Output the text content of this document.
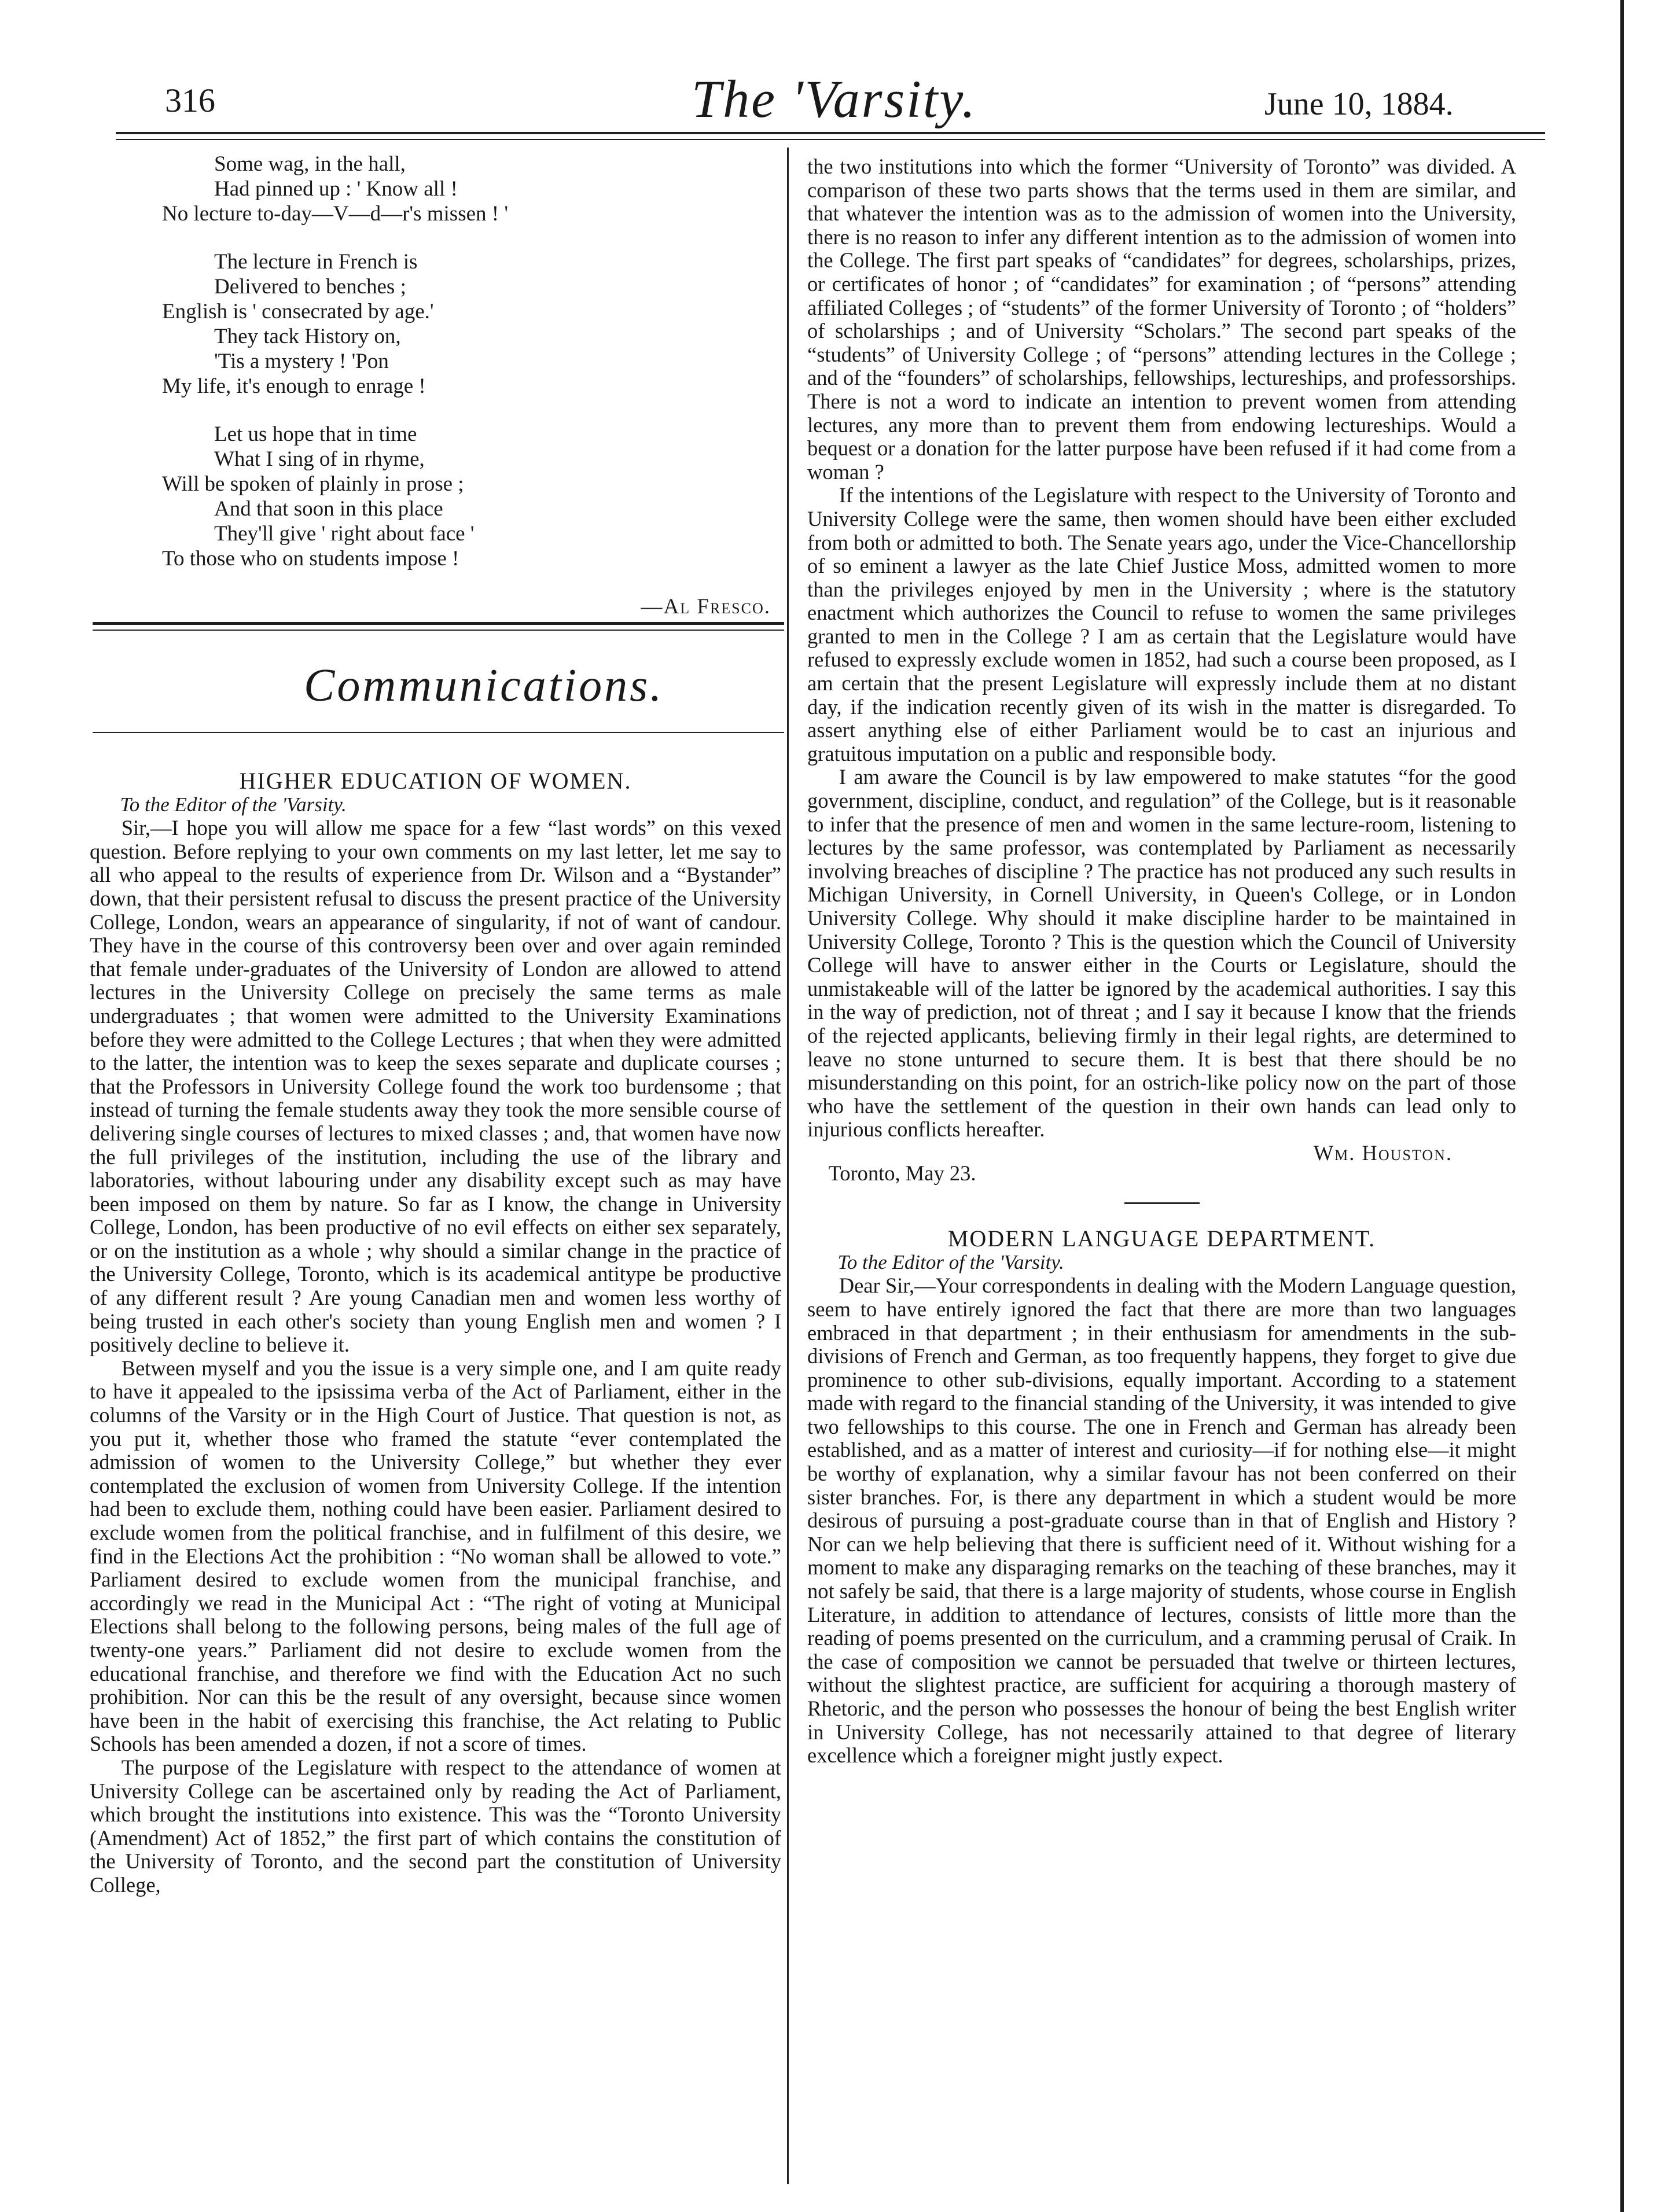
316	The 'Varsity.	June 10, 1884.
Some wag, in the hall,
Had pinned up : ' Know all !
No lecture to-day—V—d—r's missen ! '
The lecture in French is
Delivered to benches ;
English is ' consecrated by age.'
They tack History on,
'Tis a mystery ! 'Pon
My life, it's enough to enrage !
Let us hope that in time
What I sing of in rhyme,
Will be spoken of plainly in prose ;
And that soon in this place
They'll give ' right about face '
To those who on students impose !
—Al Fresco.
Communications.

HIGHER EDUCATION OF WOMEN.

To the Editor of the 'Varsity.

Sir,—I hope you will allow me space for a few “last words” on this vexed question. Before replying to your own comments on my last letter, let me say to all who appeal to the results of experience from Dr. Wilson and a “Bystander” down, that their persistent refusal to discuss the present practice of the University College, London, wears an appearance of singularity, if not of want of candour. They have in the course of this controversy been over and over again reminded that female under-graduates of the University of London are allowed to attend lectures in the University College on precisely the same terms as male undergraduates ; that women were admitted to the University Examinations before they were admitted to the College Lectures ; that when they were admitted to the latter, the intention was to keep the sexes separate and duplicate courses ; that the Professors in University College found the work too burdensome ; that instead of turning the female students away they took the more sensible course of delivering single courses of lectures to mixed classes ; and, that women have now the full privileges of the institution, including the use of the library and laboratories, without labouring under any disability except such as may have been imposed on them by nature. So far as I know, the change in University College, London, has been productive of no evil effects on either sex separately, or on the institution as a whole ; why should a similar change in the practice of the University College, Toronto, which is its academical antitype be productive of any different result ? Are young Canadian men and women less worthy of being trusted in each other's society than young English men and women ? I positively decline to believe it.

Between myself and you the issue is a very simple one, and I am quite ready to have it appealed to the ipsissima verba of the Act of Parliament, either in the columns of the Varsity or in the High Court of Justice. That question is not, as you put it, whether those who framed the statute “ever contemplated the admission of women to the University College,” but whether they ever contemplated the exclusion of women from University College. If the intention had been to exclude them, nothing could have been easier. Parliament desired to exclude women from the political franchise, and in fulfilment of this desire, we find in the Elections Act the prohibition : “No woman shall be allowed to vote.” Parliament desired to exclude women from the municipal franchise, and accordingly we read in the Municipal Act : “The right of voting at Municipal Elections shall belong to the following persons, being males of the full age of twenty-one years.” Parliament did not desire to exclude women from the educational franchise, and therefore we find with the Education Act no such prohibition. Nor can this be the result of any oversight, because since women have been in the habit of exercising this franchise, the Act relating to Public Schools has been amended a dozen, if not a score of times.

The purpose of the Legislature with respect to the attendance of women at University College can be ascertained only by reading the Act of Parliament, which brought the institutions into existence. This was the “Toronto University (Amendment) Act of 1852,” the first part of which contains the constitution of the University of Toronto, and the second part the constitution of University College,

the two institutions into which the former “University of Toronto” was divided. A comparison of these two parts shows that the terms used in them are similar, and that whatever the intention was as to the admission of women into the University, there is no reason to infer any different intention as to the admission of women into the College. The first part speaks of “candidates” for degrees, scholarships, prizes, or certificates of honor ; of “candidates” for examination ; of “persons” attending affiliated Colleges ; of “students” of the former University of Toronto ; of “holders” of scholarships ; and of University “Scholars.” The second part speaks of the “students” of University College ; of “persons” attending lectures in the College ; and of the “founders” of scholarships, fellowships, lectureships, and professorships. There is not a word to indicate an intention to prevent women from attending lectures, any more than to prevent them from endowing lectureships. Would a bequest or a donation for the latter purpose have been refused if it had come from a woman ?

If the intentions of the Legislature with respect to the University of Toronto and University College were the same, then women should have been either excluded from both or admitted to both. The Senate years ago, under the Vice-Chancellorship of so eminent a lawyer as the late Chief Justice Moss, admitted women to more than the privileges enjoyed by men in the University ; where is the statutory enactment which authorizes the Council to refuse to women the same privileges granted to men in the College ? I am as certain that the Legislature would have refused to expressly exclude women in 1852, had such a course been proposed, as I am certain that the present Legislature will expressly include them at no distant day, if the indication recently given of its wish in the matter is disregarded. To assert anything else of either Parliament would be to cast an injurious and gratuitous imputation on a public and responsible body.

I am aware the Council is by law empowered to make statutes “for the good government, discipline, conduct, and regulation” of the College, but is it reasonable to infer that the presence of men and women in the same lecture-room, listening to lectures by the same professor, was contemplated by Parliament as necessarily involving breaches of discipline ? The practice has not produced any such results in Michigan University, in Cornell University, in Queen's College, or in London University College. Why should it make discipline harder to be maintained in University College, Toronto ? This is the question which the Council of University College will have to answer either in the Courts or Legislature, should the unmistakeable will of the latter be ignored by the academical authorities. I say this in the way of prediction, not of threat ; and I say it because I know that the friends of the rejected applicants, believing firmly in their legal rights, are determined to leave no stone unturned to secure them. It is best that there should be no misunderstanding on this point, for an ostrich-like policy now on the part of those who have the settlement of the question in their own hands can lead only to injurious conflicts hereafter.

Wm. Houston.

Toronto, May 23.

MODERN LANGUAGE DEPARTMENT.

To the Editor of the 'Varsity.

Dear Sir,—Your correspondents in dealing with the Modern Language question, seem to have entirely ignored the fact that there are more than two languages embraced in that department ; in their enthusiasm for amendments in the sub-divisions of French and German, as too frequently happens, they forget to give due prominence to other sub-divisions, equally important. According to a statement made with regard to the financial standing of the University, it was intended to give two fellowships to this course. The one in French and German has already been established, and as a matter of interest and curiosity—if for nothing else—it might be worthy of explanation, why a similar favour has not been conferred on their sister branches. For, is there any department in which a student would be more desirous of pursuing a post-graduate course than in that of English and History ? Nor can we help believing that there is sufficient need of it. Without wishing for a moment to make any disparaging remarks on the teaching of these branches, may it not safely be said, that there is a large majority of students, whose course in English Literature, in addition to attendance of lectures, consists of little more than the reading of poems presented on the curriculum, and a cramming perusal of Craik. In the case of composition we cannot be persuaded that twelve or thirteen lectures, without the slightest practice, are sufficient for acquiring a thorough mastery of Rhetoric, and the person who possesses the honour of being the best English writer in University College, has not necessarily attained to that degree of literary excellence which a foreigner might justly expect.
